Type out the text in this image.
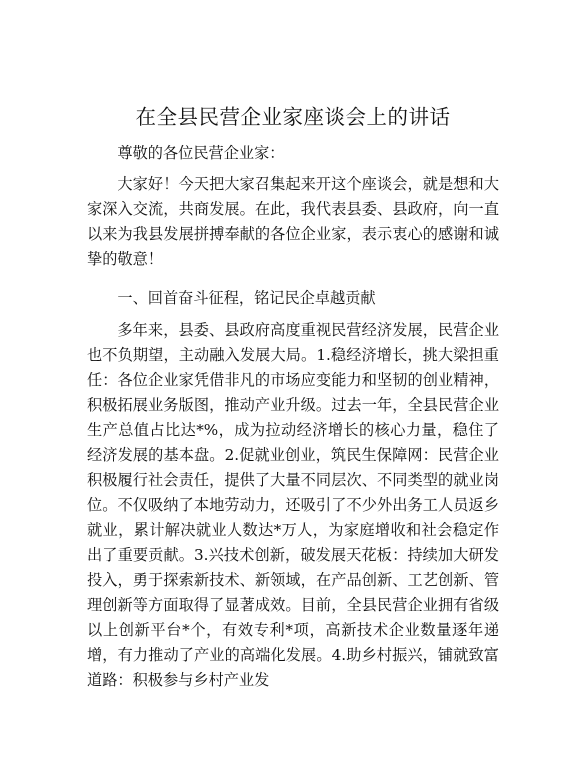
在全县民营企业家座谈会上的讲话

尊敬的各位民营企业家：

大家好！今天把大家召集起来开这个座谈会，就是想和大家深入交流，共商发展。在此，我代表县委、县政府，向一直以来为我县发展拼搏奉献的各位企业家，表示衷心的感谢和诚挚的敬意！

一、回首奋斗征程，铭记民企卓越贡献

多年来，县委、县政府高度重视民营经济发展，民营企业也不负期望，主动融入发展大局。1.稳经济增长，挑大梁担重任：各位企业家凭借非凡的市场应变能力和坚韧的创业精神，积极拓展业务版图，推动产业升级。过去一年，全县民营企业生产总值占比达*%，成为拉动经济增长的核心力量，稳住了经济发展的基本盘。2.促就业创业，筑民生保障网：民营企业积极履行社会责任，提供了大量不同层次、不同类型的就业岗位。不仅吸纳了本地劳动力，还吸引了不少外出务工人员返乡就业，累计解决就业人数达*万人，为家庭增收和社会稳定作出了重要贡献。3.兴技术创新，破发展天花板：持续加大研发投入，勇于探索新技术、新领域，在产品创新、工艺创新、管理创新等方面取得了显著成效。目前，全县民营企业拥有省级以上创新平台*个，有效专利*项，高新技术企业数量逐年递增，有力推动了产业的高端化发展。4.助乡村振兴，铺就致富道路：积极参与乡村产业发
